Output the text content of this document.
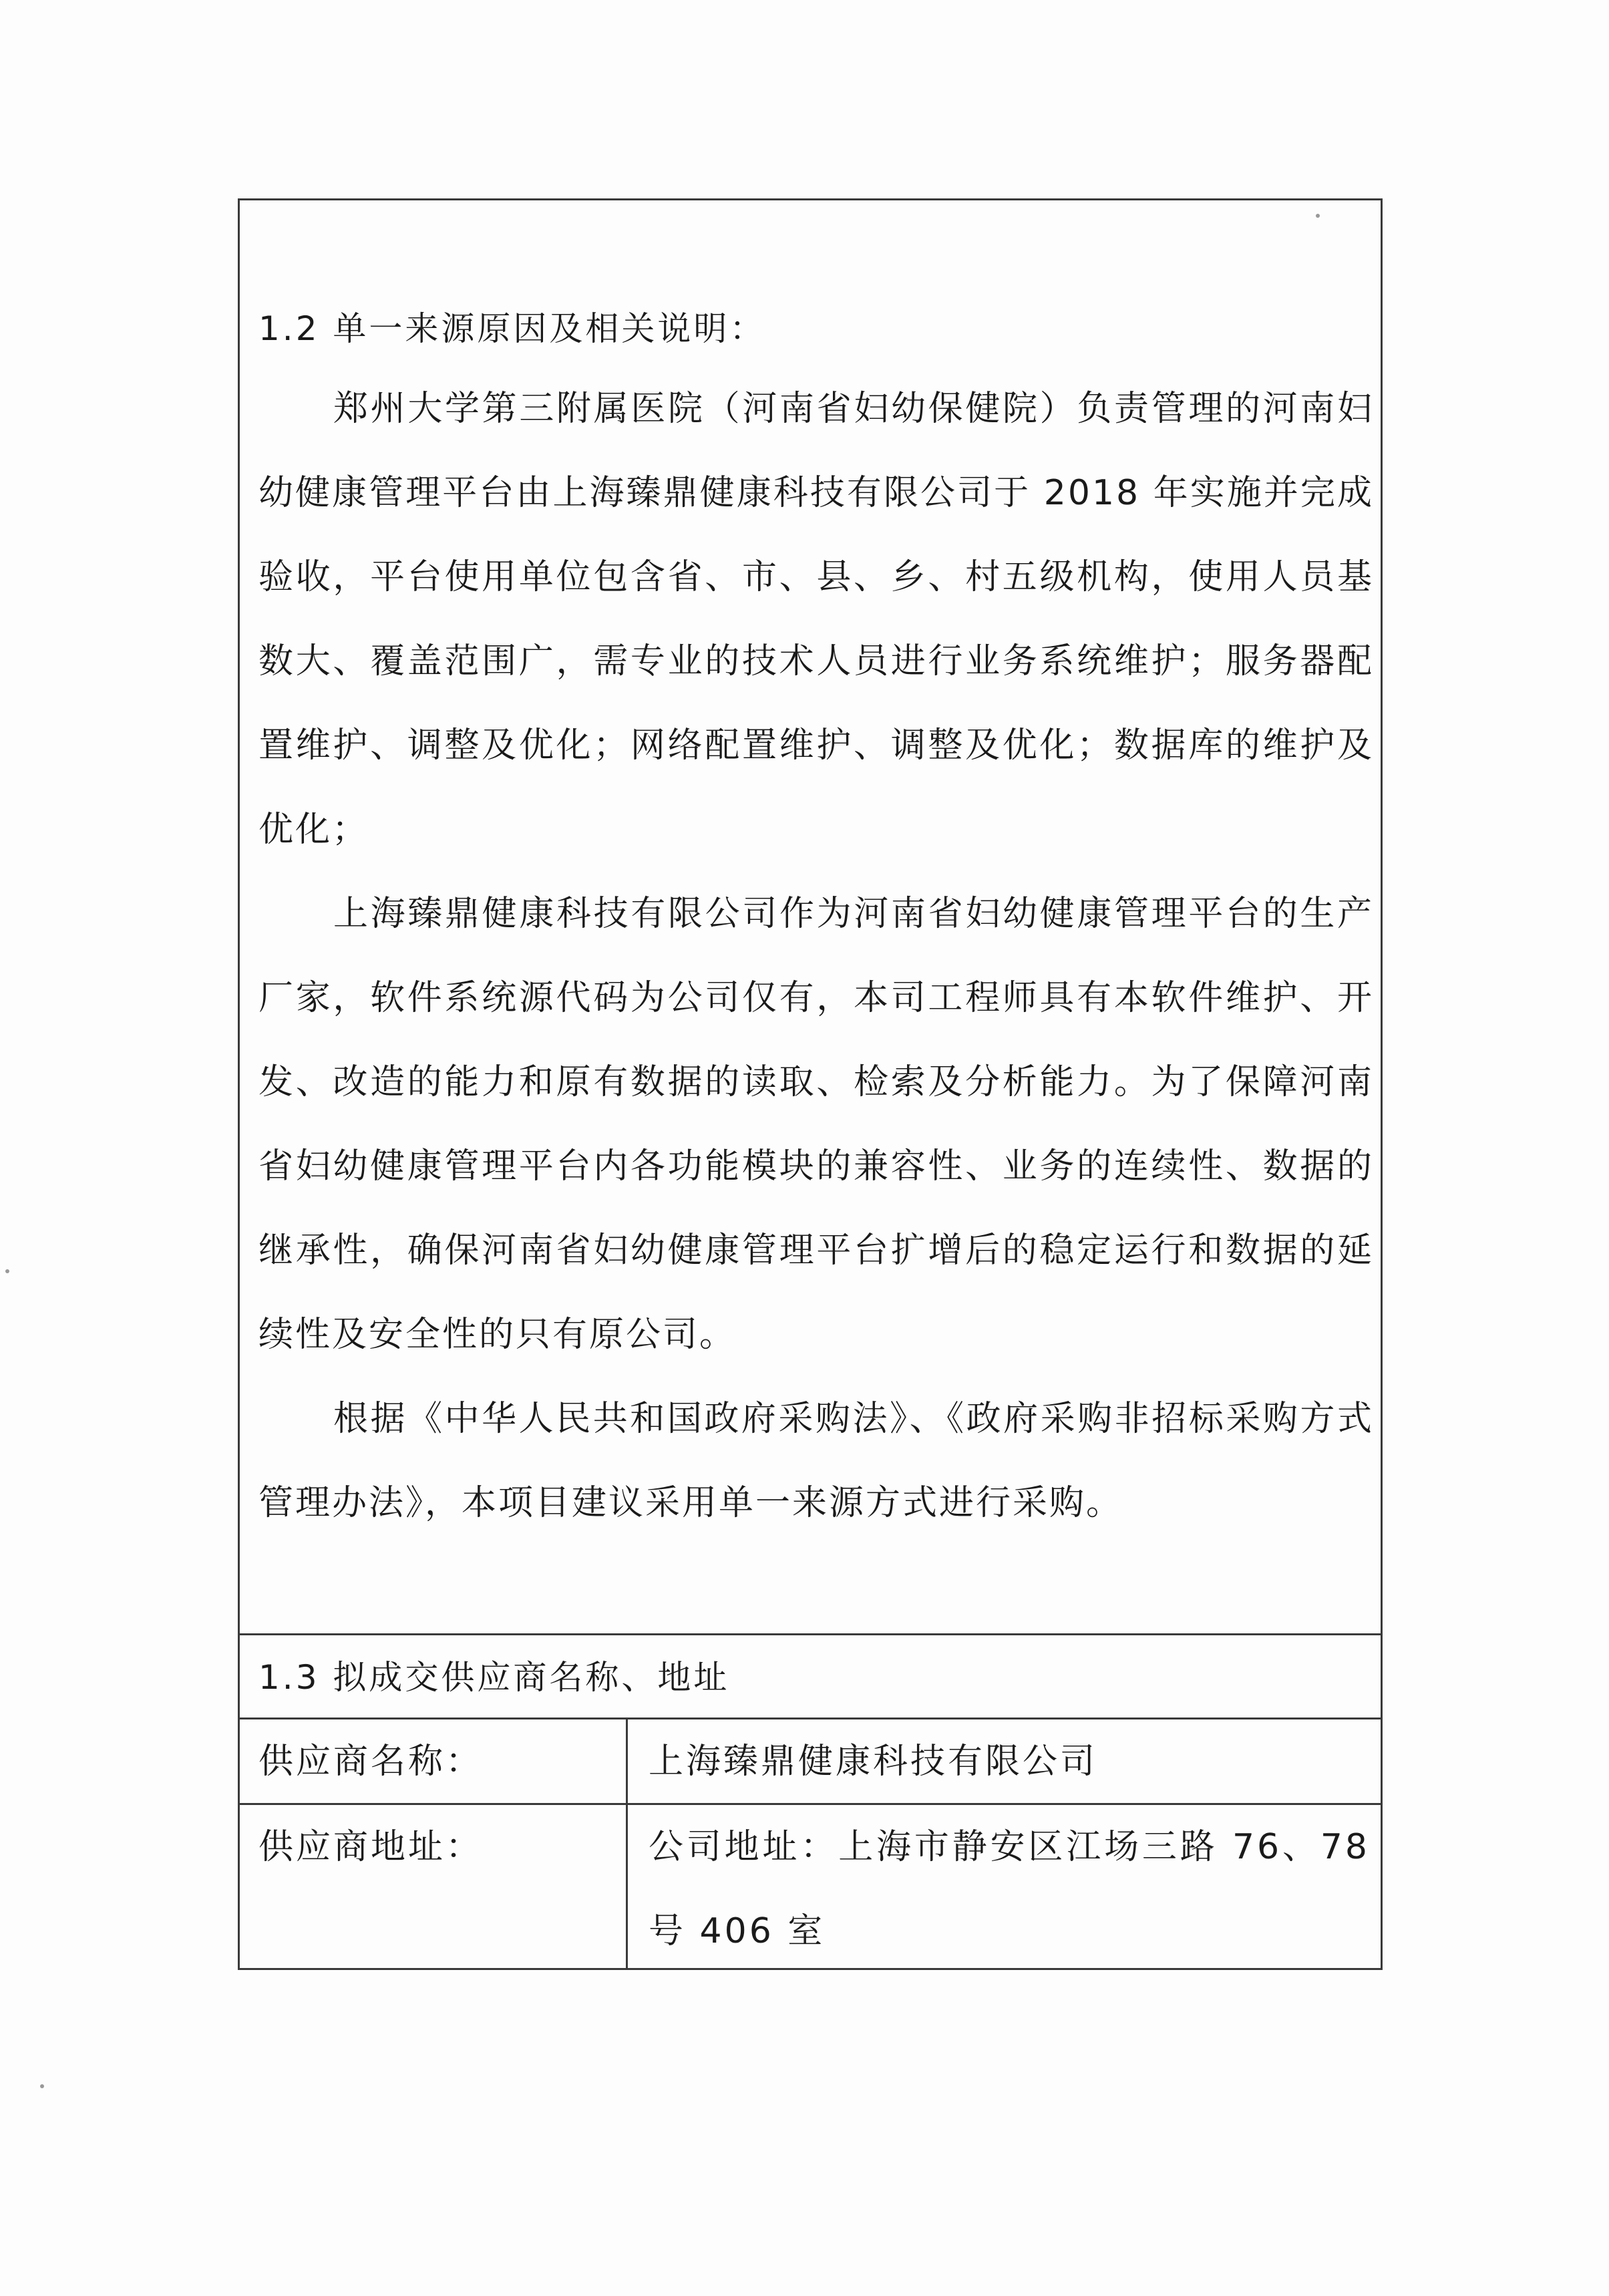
1.2 单一来源原因及相关说明：

郑州大学第三附属医院（河南省妇幼保健院）负责管理的河南妇幼健康管理平台由上海臻鼎健康科技有限公司于 2018 年实施并完成验收，平台使用单位包含省、市、县、乡、村五级机构，使用人员基数大、覆盖范围广，需专业的技术人员进行业务系统维护；服务器配置维护、调整及优化；网络配置维护、调整及优化；数据库的维护及优化；

上海臻鼎健康科技有限公司作为河南省妇幼健康管理平台的生产厂家，软件系统源代码为公司仅有，本司工程师具有本软件维护、开发、改造的能力和原有数据的读取、检索及分析能力。为了保障河南省妇幼健康管理平台内各功能模块的兼容性、业务的连续性、数据的继承性，确保河南省妇幼健康管理平台扩增后的稳定运行和数据的延续性及安全性的只有原公司。

根据《中华人民共和国政府采购法》、《政府采购非招标采购方式管理办法》，本项目建议采用单一来源方式进行采购。

1.3 拟成交供应商名称、地址

供应商名称：	上海臻鼎健康科技有限公司

供应商地址：	公司地址：上海市静安区江场三路 76、78 号 406 室
